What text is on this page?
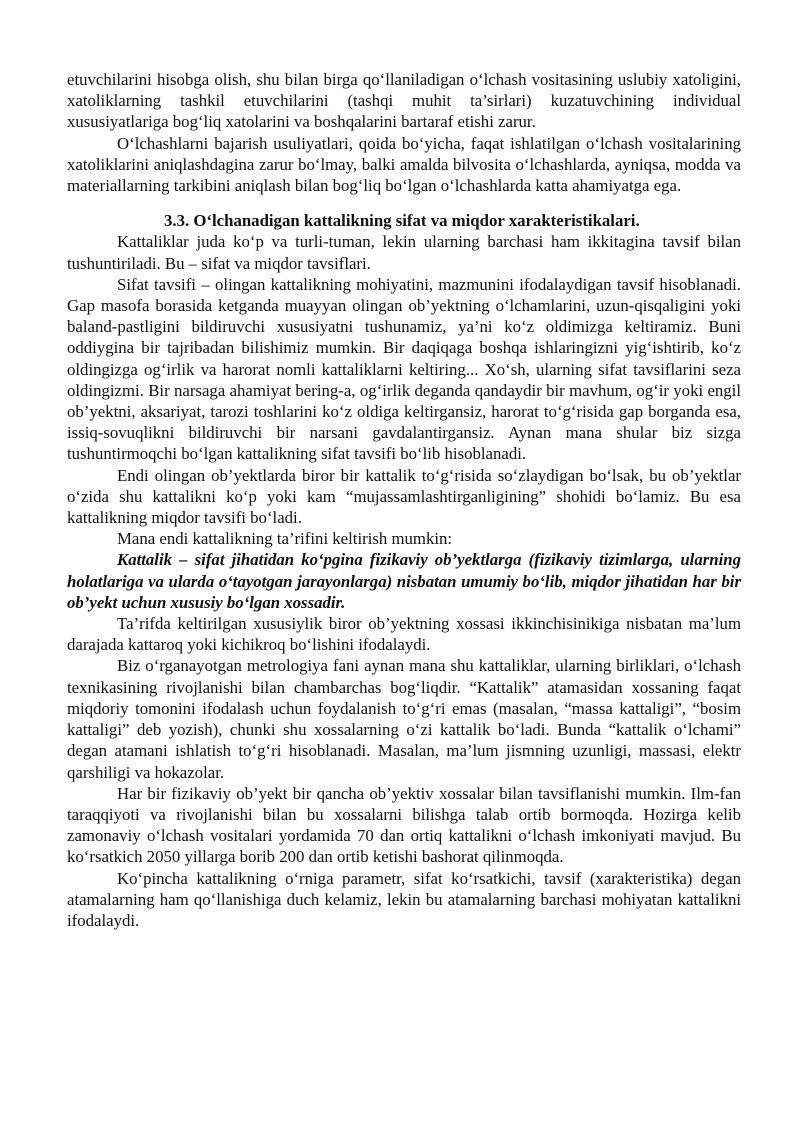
etuvchilarini hisobga olish, shu bilan birga qo‘llaniladigan o‘lchash vositasining uslubiy xatoligini, xatoliklarning tashkil etuvchilarini (tashqi muhit ta’sirlari) kuzatuvchining individual xususiyatlariga bog‘liq xatolarini va boshqalarini bartaraf etishi zarur.

O‘lchashlarni bajarish usuliyatlari, qoida bo‘yicha, faqat ishlatilgan o‘lchash vositalarining xatoliklarini aniqlashdagina zarur bo‘lmay, balki amalda bilvosita o‘lchashlarda, ayniqsa, modda va materiallarning tarkibini aniqlash bilan bog‘liq bo‘lgan o‘lchashlarda katta ahamiyatga ega.

3.3. O‘lchanadigan kattalikning sifat va miqdor xarakteristikalari.

Kattaliklar juda ko‘p va turli-tuman, lekin ularning barchasi ham ikkitagina tavsif bilan tushuntiriladi. Bu – sifat va miqdor tavsiflari.

Sifat tavsifi – olingan kattalikning mohiyatini, mazmunini ifodalaydigan tavsif hisoblanadi. Gap masofa borasida ketganda muayyan olingan ob’yektning o‘lchamlarini, uzun-qisqaligini yoki baland-pastligini bildiruvchi xususiyatni tushunamiz, ya’ni ko‘z oldimizga keltiramiz. Buni oddiygina bir tajribadan bilishimiz mumkin. Bir daqiqaga boshqa ishlaringizni yig‘ishtirib, ko‘z oldingizga og‘irlik va harorat nomli kattaliklarni keltiring... Xo‘sh, ularning sifat tavsiflarini seza oldingizmi. Bir narsaga ahamiyat bering-a, og‘irlik deganda qandaydir bir mavhum, og‘ir yoki engil ob’yektni, aksariyat, tarozi toshlarini ko‘z oldiga keltirgansiz, harorat to‘g‘risida gap borganda esa, issiq-sovuqlikni bildiruvchi bir narsani gavdalantirgansiz. Aynan mana shular biz sizga tushuntirmoqchi bo‘lgan kattalikning sifat tavsifi bo‘lib hisoblanadi.

Endi olingan ob’yektlarda biror bir kattalik to‘g‘risida so‘zlaydigan bo‘lsak, bu ob’yektlar o‘zida shu kattalikni ko‘p yoki kam “mujassamlashtirganligining” shohidi bo‘lamiz. Bu esa kattalikning miqdor tavsifi bo‘ladi.

Mana endi kattalikning ta’rifini keltirish mumkin:

Kattalik – sifat jihatidan ko‘pgina fizikaviy ob’yektlarga (fizikaviy tizimlarga, ularning holatlariga va ularda o‘tayotgan jarayonlarga) nisbatan umumiy bo‘lib, miqdor jihatidan har bir ob’yekt uchun xususiy bo‘lgan xossadir.

Ta’rifda keltirilgan xususiylik biror ob’yektning xossasi ikkinchisinikiga nisbatan ma’lum darajada kattaroq yoki kichikroq bo‘lishini ifodalaydi.

Biz o‘rganayotgan metrologiya fani aynan mana shu kattaliklar, ularning birliklari, o‘lchash texnikasining rivojlanishi bilan chambarchas bog‘liqdir. “Kattalik” atamasidan xossaning faqat miqdoriy tomonini ifodalash uchun foydalanish to‘g‘ri emas (masalan, “massa kattaligi”, “bosim kattaligi” deb yozish), chunki shu xossalarning o‘zi kattalik bo‘ladi. Bunda “kattalik o‘lchami” degan atamani ishlatish to‘g‘ri hisoblanadi. Masalan, ma’lum jismning uzunligi, massasi, elektr qarshiligi va hokazolar.

Har bir fizikaviy ob’yekt bir qancha ob’yektiv xossalar bilan tavsiflanishi mumkin. Ilm-fan taraqqiyoti va rivojlanishi bilan bu xossalarni bilishga talab ortib bormoqda. Hozirga kelib zamonaviy o‘lchash vositalari yordamida 70 dan ortiq kattalikni o‘lchash imkoniyati mavjud. Bu ko‘rsatkich 2050 yillarga borib 200 dan ortib ketishi bashorat qilinmoqda.

Ko‘pincha kattalikning o‘rniga parametr, sifat ko‘rsatkichi, tavsif (xarakteristika) degan atamalarning ham qo‘llanishiga duch kelamiz, lekin bu atamalarning barchasi mohiyatan kattalikni ifodalaydi.
